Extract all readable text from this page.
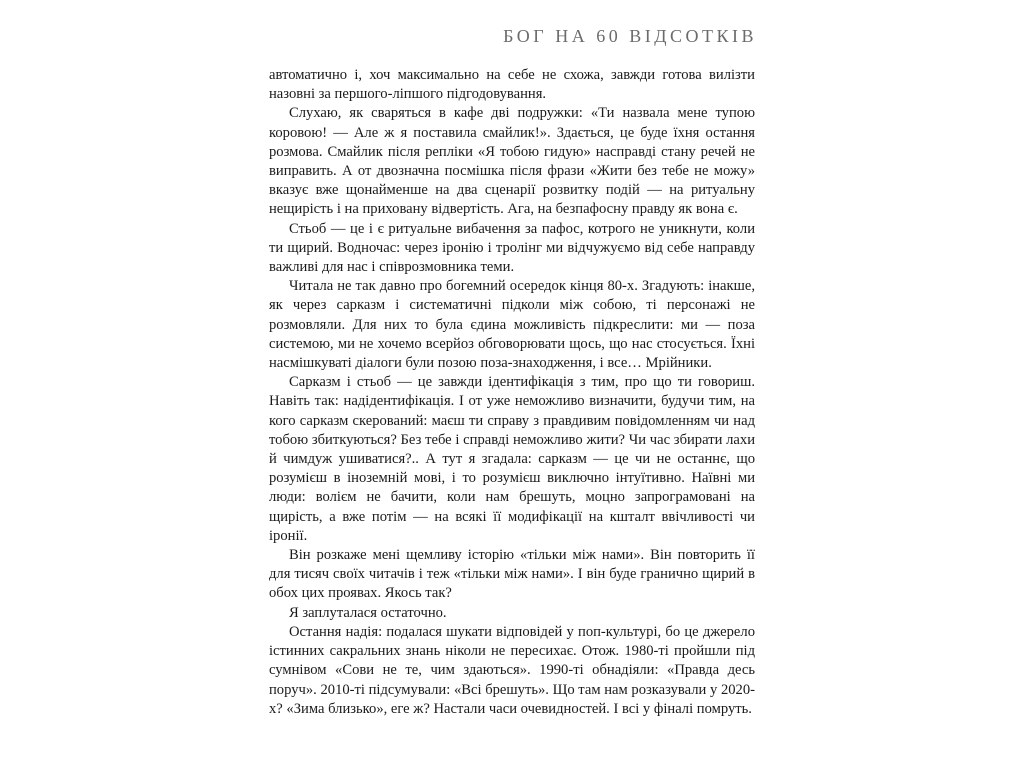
БОГ НА 60 ВІДСОТКІВ

автоматично і, хоч максимально на себе не схожа, завжди готова вилізти назовні за першого-ліпшого підгодовування.

Слухаю, як сваряться в кафе дві подружки: «Ти назвала мене тупою коровою! — Але ж я поставила смайлик!». Здається, це буде їхня остання розмова. Смайлик після репліки «Я тобою гидую» насправді стану речей не виправить. А от двозначна посмішка після фрази «Жити без тебе не можу» вказує вже щонайменше на два сценарії розвитку подій — на ритуальну нещирість і на приховану відвертість. Ага, на безпафосну правду як вона є.

Стьоб — це і є ритуальне вибачення за пафос, котрого не уникнути, коли ти щирий. Водночас: через іронію і тролінг ми відчужуємо від себе направду важливі для нас і співрозмовника теми.

Читала не так давно про богемний осередок кінця 80-х. Згадують: інакше, як через сарказм і систематичні підколи між собою, ті персонажі не розмовляли. Для них то була єдина можливість підкреслити: ми — поза системою, ми не хочемо всерйоз обговорювати щось, що нас стосується. Їхні насмішкуваті діалоги були позою поза-знаходження, і все… Мрійники.

Сарказм і стьоб — це завжди ідентифікація з тим, про що ти говориш. Навіть так: надідентифікація. І от уже неможливо визначити, будучи тим, на кого сарказм скерований: маєш ти справу з правдивим повідомленням чи над тобою збиткуються? Без тебе і справді неможливо жити? Чи час збирати лахи й чимдуж ушиватися?.. А тут я згадала: сарказм — це чи не останнє, що розумієш в іноземній мові, і то розумієш виключно інтуїтивно. Наївні ми люди: волієм не бачити, коли нам брешуть, моцно запрограмовані на щирість, а вже потім — на всякі її модифікації на кшталт ввічливості чи іронії.

Він розкаже мені щемливу історію «тільки між нами». Він повторить її для тисяч своїх читачів і теж «тільки між нами». І він буде гранично щирий в обох цих проявах. Якось так?

Я заплуталася остаточно.

Остання надія: подалася шукати відповідей у поп-культурі, бо це джерело істинних сакральних знань ніколи не пересихає. Отож. 1980-ті пройшли під сумнівом «Сови не те, чим здаються». 1990-ті обнадіяли: «Правда десь поруч». 2010-ті підсумували: «Всі брешуть». Що там нам розказували у 2020-х? «Зима близько», еге ж? Настали часи очевидностей. І всі у фіналі помруть.
